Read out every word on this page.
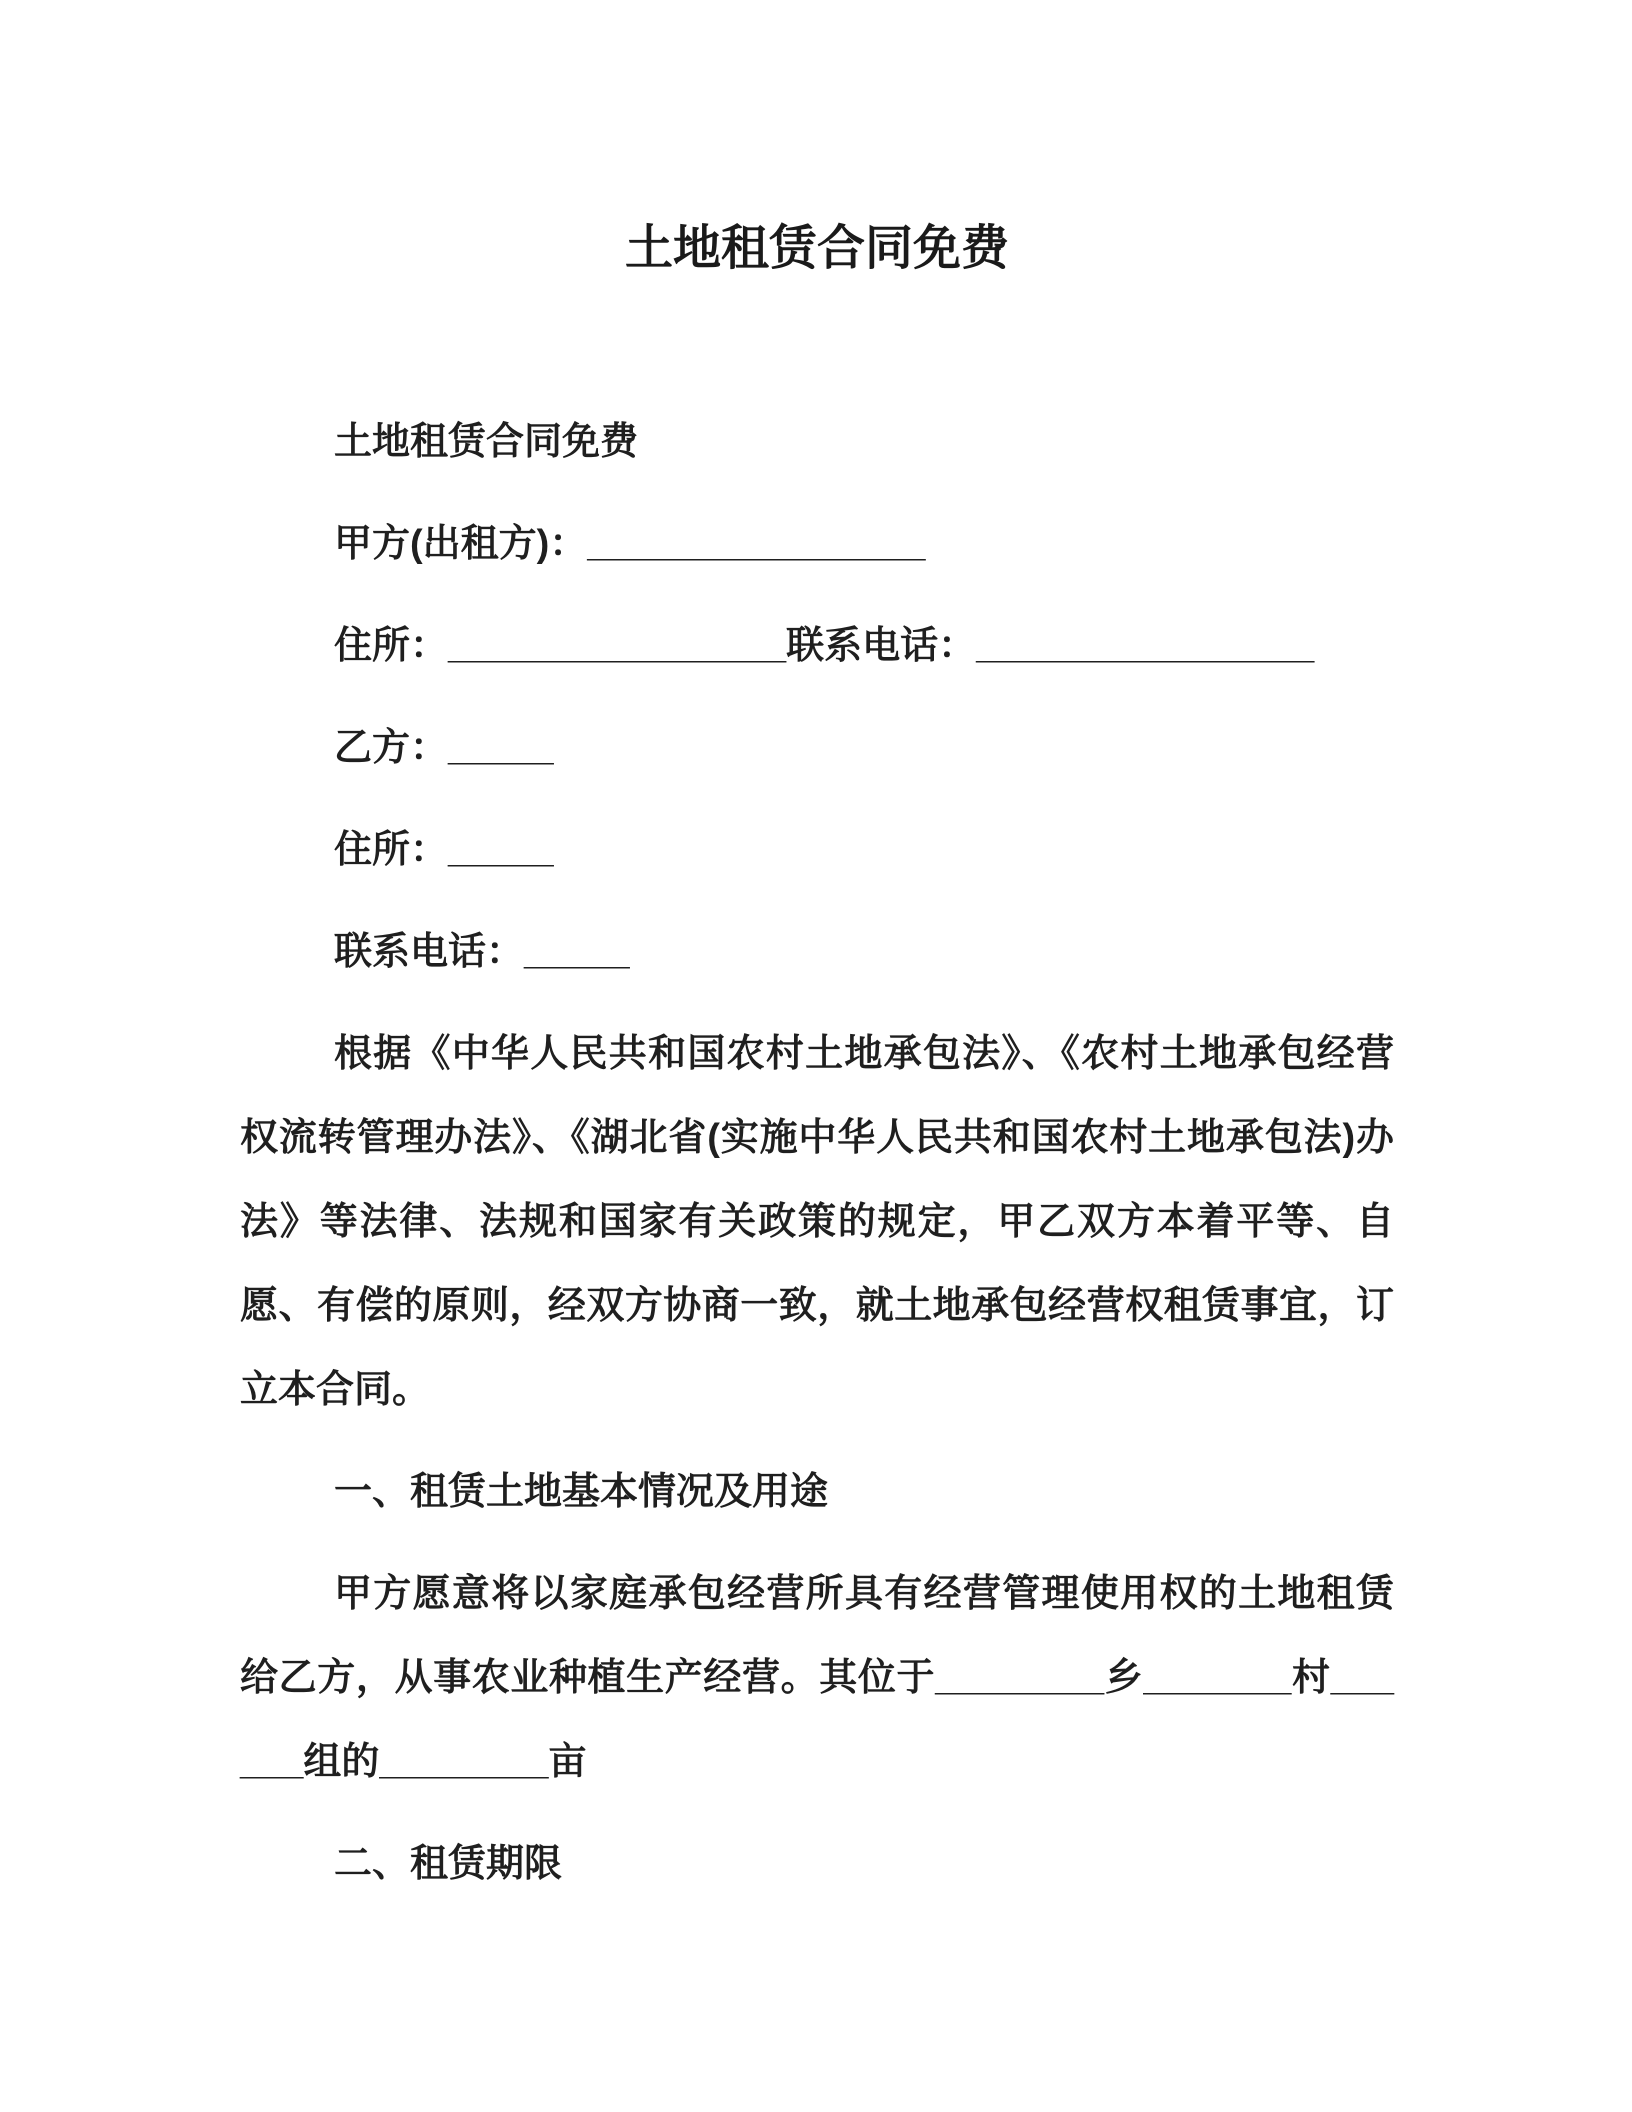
土地租赁合同免费

土地租赁合同免费

甲方(出租方)：________________

住所：________________联系电话：________________

乙方：_____

住所：_____

联系电话：_____

根据《中华人民共和国农村土地承包法》、《农村土地承包经营权流转管理办法》、《湖北省(实施中华人民共和国农村土地承包法)办法》等法律、法规和国家有关政策的规定，甲乙双方本着平等、自愿、有偿的原则，经双方协商一致，就土地承包经营权租赁事宜，订立本合同。

一、租赁土地基本情况及用途

甲方愿意将以家庭承包经营所具有经营管理使用权的土地租赁给乙方，从事农业种植生产经营。其位于________乡_______村______组的________亩

二、租赁期限
